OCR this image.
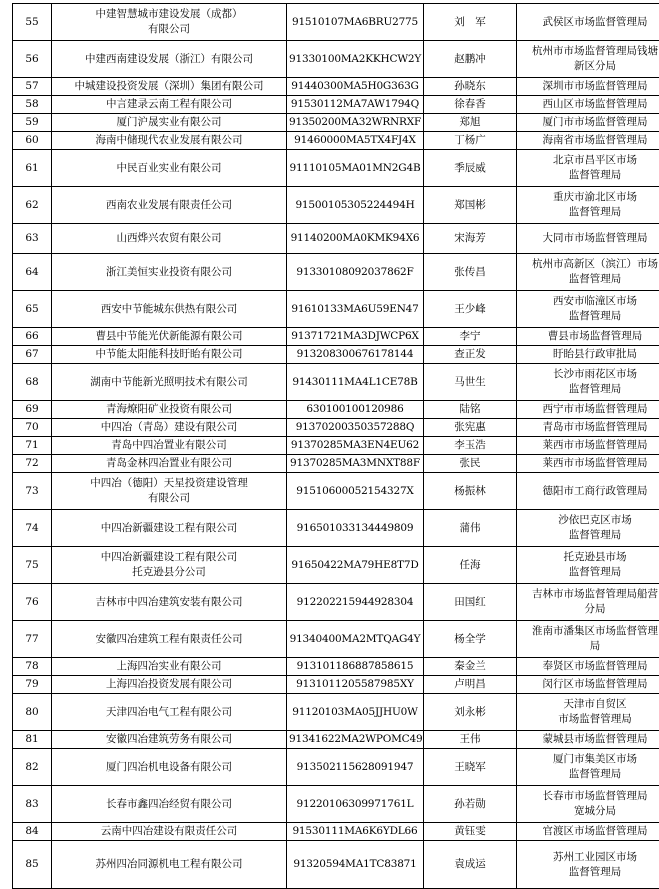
55	中建智慧城市建设发展（成都）
有限公司	91510107MA6BRU2775	刘　军	武侯区市场监督管理局

56	中建西南建设发展（浙江）有限公司	91330100MA2KKHCW2Y	赵鹏冲	杭州市市场监督管理局钱塘
新区分局

57	中城建设投资发展（深圳）集团有限公司	91440300MA5H0G363G	孙晓东	深圳市市场监督管理局

58	中言建录云南工程有限公司	91530112MA7AW1794Q	徐春香	西山区市场监督管理局

59	厦门沪晟实业有限公司	91350200MA32WRNRXF	郑旭	厦门市市场监督管理局

60	海南中储现代农业发展有限公司	91460000MA5TX4FJ4X	丁杨广	海南省市场监督管理局

61	中民百业实业有限公司	91110105MA01MN2G4B	季辰威	北京市昌平区市场
监督管理局

62	西南农业发展有限责任公司	91500105305224494H	郑国彬	重庆市渝北区市场
监督管理局

63	山西烨兴农贸有限公司	91140200MA0KMK94X6	宋海芳	大同市市场监督管理局

64	浙江美恒实业投资有限公司	91330108092037862F	张传昌	杭州市高新区（滨江）市场
监督管理局

65	西安中节能城东供热有限公司	91610133MA6U59EN47	王少峰	西安市临潼区市场
监督管理局

66	曹县中节能光伏新能源有限公司	91371721MA3DJWCP6X	李宁	曹县市场监督管理局

67	中节能太阳能科技盱眙有限公司	913208300676178144	查正发	盱眙县行政审批局

68	湖南中节能新光照明技术有限公司	91430111MA4L1CE78B	马世生	长沙市雨花区市场
监督管理局

69	青海燎阳矿业投资有限公司	630100100120986	陆铭	西宁市市场监督管理局

70	中四冶（青岛）建设有限公司	91370200350357288Q	张宪惠	青岛市市场监督管理局

71	青岛中四冶置业有限公司	91370285MA3EN4EU62	李玉浩	莱西市市场监督管理局

72	青岛金林四冶置业有限公司	91370285MA3MNXT88F	张民	莱西市市场监督管理局

73	中四冶（德阳）天星投资建设管理
有限公司	91510600052154327X	杨振林	德阳市工商行政管理局

74	中四冶新疆建设工程有限公司	916501033134449809	蒲伟	沙依巴克区市场
监督管理局

75	中四冶新疆建设工程有限公司
托克逊县分公司	91650422MA79HE8T7D	任海	托克逊县市场
监督管理局

76	吉林市中四冶建筑安装有限公司	912202215944928304	田国红	吉林市市场监督管理局船营
分局

77	安徽四冶建筑工程有限责任公司	91340400MA2MTQAG4Y	杨全学	淮南市潘集区市场监督管理
局

78	上海四冶实业有限公司	913101186887858615	秦金兰	奉贤区市场监督管理局

79	上海四冶投资发展有限公司	9131011205587985XY	卢明昌	闵行区市场监督管理局

80	天津四冶电气工程有限公司	91120103MA05JJHU0W	刘永彬	天津市自贸区
市场监督管理局

81	安徽四冶建筑劳务有限公司	91341622MA2WPOMC49	王伟	蒙城县市场监督管理局

82	厦门四冶机电设备有限公司	913502115628091947	王晓军	厦门市集美区市场
监督管理局

83	长春市鑫四冶经贸有限公司	91220106309971761L	孙若勋	长春市市场监督管理局
宽城分局

84	云南中四冶建设有限责任公司	91530111MA6K6YDL66	黄钰雯	官渡区市场监督管理局

85	苏州四冶同源机电工程有限公司	91320594MA1TC83871	袁成运	苏州工业园区市场
监督管理局
